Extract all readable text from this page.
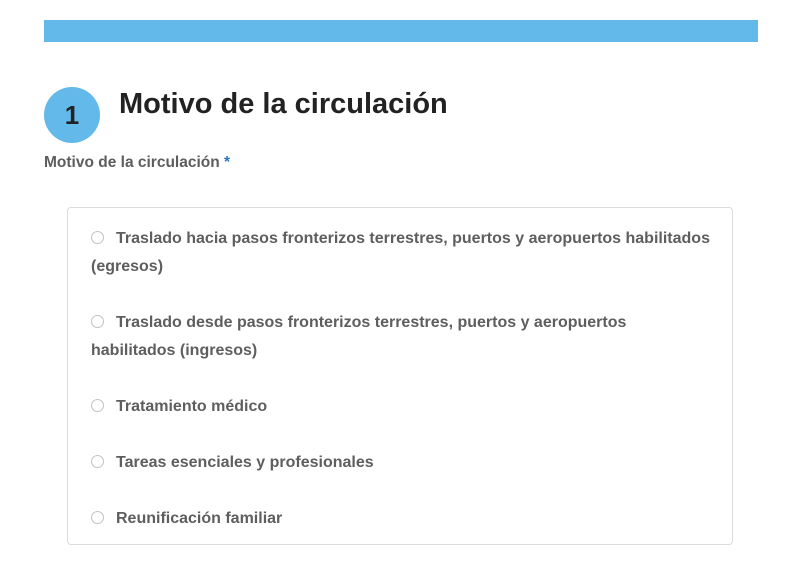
1	Motivo de la circulación
Motivo de la circulación *
Traslado hacia pasos fronterizos terrestres, puertos y aeropuertos habilitados (egresos)
Traslado desde pasos fronterizos terrestres, puertos y aeropuertos habilitados (ingresos)
Tratamiento médico
Tareas esenciales y profesionales
Reunificación familiar
